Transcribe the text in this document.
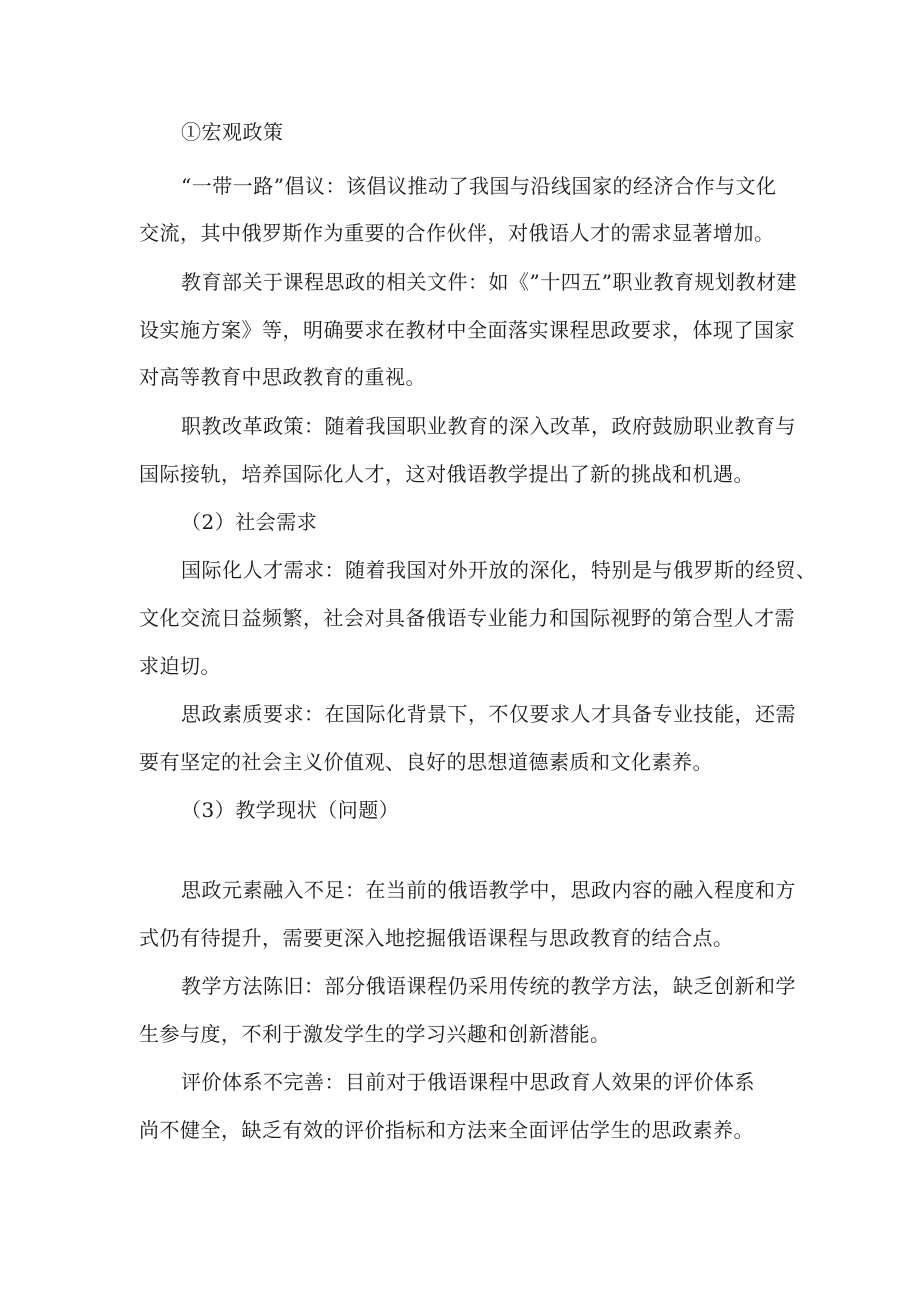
①宏观政策
“一带一路”倡议：该倡议推动了我国与沿线国家的经济合作与文化
交流，其中俄罗斯作为重要的合作伙伴，对俄语人才的需求显著增加。
教育部关于课程思政的相关文件：如《”十四五”职业教育规划教材建
设实施方案》等，明确要求在教材中全面落实课程思政要求，体现了国家
对高等教育中思政教育的重视。
职教改革政策：随着我国职业教育的深入改革，政府鼓励职业教育与
国际接轨，培养国际化人才，这对俄语教学提出了新的挑战和机遇。
（2）社会需求
国际化人才需求：随着我国对外开放的深化，特别是与俄罗斯的经贸、
文化交流日益频繁，社会对具备俄语专业能力和国际视野的第合型人才需
求迫切。
思政素质要求：在国际化背景下，不仅要求人才具备专业技能，还需
要有坚定的社会主义价值观、良好的思想道德素质和文化素养。
（3）教学现状（问题）
思政元素融入不足：在当前的俄语教学中，思政内容的融入程度和方
式仍有待提升，需要更深入地挖掘俄语课程与思政教育的结合点。
教学方法陈旧：部分俄语课程仍采用传统的教学方法，缺乏创新和学
生参与度，不利于激发学生的学习兴趣和创新潜能。
评价体系不完善：目前对于俄语课程中思政育人效果的评价体系
尚不健全，缺乏有效的评价指标和方法来全面评估学生的思政素养。
